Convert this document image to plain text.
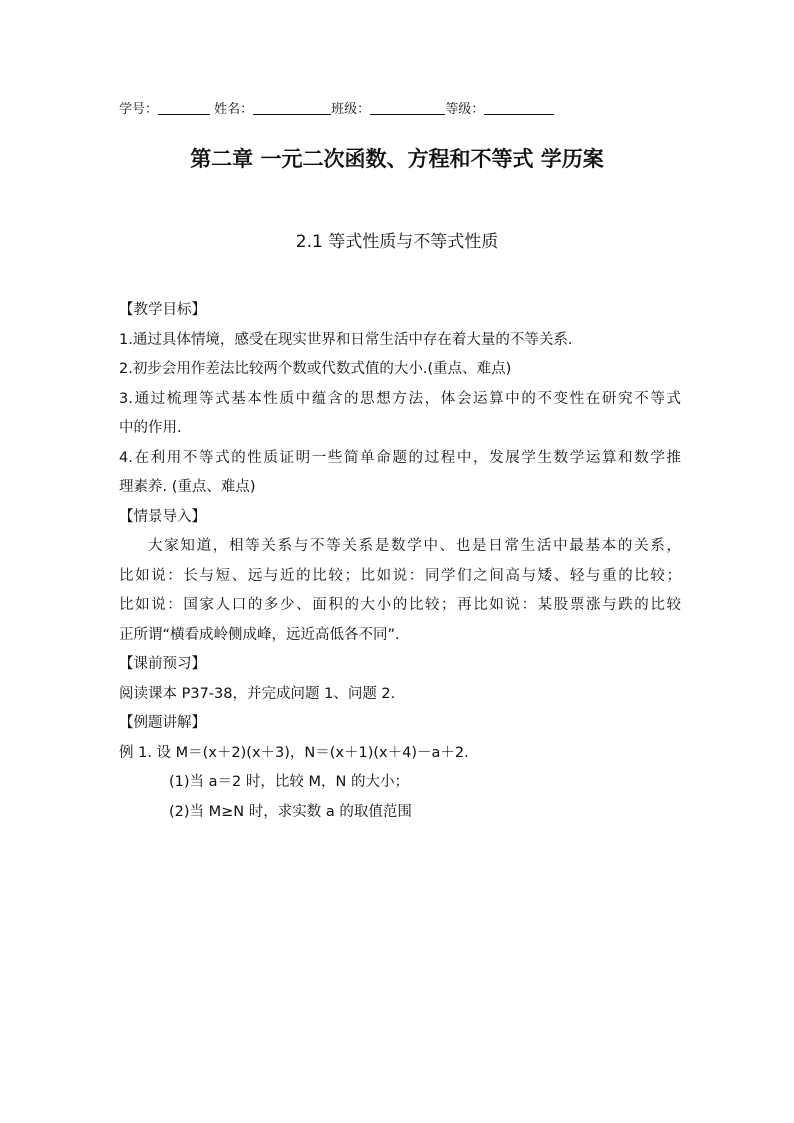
学号：	姓名：	班级：	等级：
第二章 一元二次函数、方程和不等式 学历案
2.1 等式性质与不等式性质

【教学目标】

1.通过具体情境，感受在现实世界和日常生活中存在着大量的不等关系.

2.初步会用作差法比较两个数或代数式值的大小.(重点、难点)

3.通过梳理等式基本性质中蕴含的思想方法，体会运算中的不变性在研究不等式

中的作用.

4.在利用不等式的性质证明一些简单命题的过程中，发展学生数学运算和数学推

理素养. (重点、难点)

【情景导入】

大家知道，相等关系与不等关系是数学中、也是日常生活中最基本的关系，

比如说：长与短、远与近的比较；比如说：同学们之间高与矮、轻与重的比较；

比如说：国家人口的多少、面积的大小的比较；再比如说：某股票涨与跌的比较

正所谓“横看成岭侧成峰，远近高低各不同”.

【课前预习】

阅读课本 P37-38，并完成问题 1、问题 2.

【例题讲解】

例 1. 设 M＝(x＋2)(x＋3)，N＝(x＋1)(x＋4)－a＋2.

(1)当 a＝2 时，比较 M，N 的大小；

(2)当 M≥N 时，求实数 a 的取值范围
